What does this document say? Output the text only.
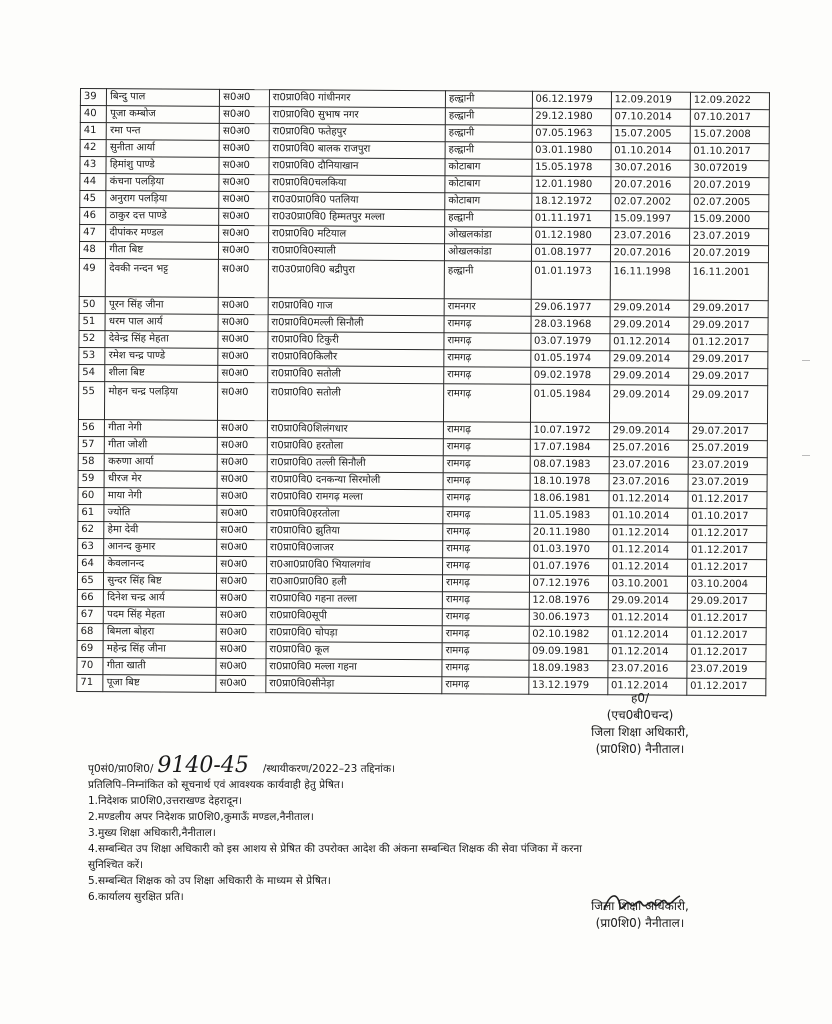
39	बिन्दु पाल	स0अ0	रा0प्रा0वि0 गांधीनगर	हल्द्वानी	06.12.1979	12.09.2019	12.09.2022
40	पूजा कम्बोज	स0अ0	रा0प्रा0वि0 सुभाष नगर	हल्द्वानी	29.12.1980	07.10.2014	07.10.2017
41	रमा पन्त	स0अ0	रा0प्रा0वि0 फतेहपुर	हल्द्वानी	07.05.1963	15.07.2005	15.07.2008
42	सुनीता आर्या	स0अ0	रा0प्रा0वि0 बालक राजपुरा	हल्द्वानी	03.01.1980	01.10.2014	01.10.2017
43	हिमांशु पाण्डे	स0अ0	रा0प्रा0वि0 दौनियाखान	कोटाबाग	15.05.1978	30.07.2016	30.072019
44	कंचना पलड़िया	स0अ0	रा0प्रा0वि0चलकिया	कोटाबाग	12.01.1980	20.07.2016	20.07.2019
45	अनुराग पलड़िया	स0अ0	रा0उ0प्रा0वि0 पतलिया	कोटाबाग	18.12.1972	02.07.2002	02.07.2005
46	ठाकुर दत्त पाण्डे	स0अ0	रा0उ0प्रा0वि0 हिम्मतपुर मल्ला	हल्द्वानी	01.11.1971	15.09.1997	15.09.2000
47	दीपांकर मण्डल	स0अ0	रा0प्रा0वि0 मटियाल	ओखलकांडा	01.12.1980	23.07.2016	23.07.2019
48	गीता बिष्ट	स0अ0	रा0प्रा0वि0स्याली	ओखलकांडा	01.08.1977	20.07.2016	20.07.2019
49	देवकी नन्दन भट्ट	स0अ0	रा0उ0प्रा0वि0 बद्रीपुरा	हल्द्वानी	01.01.1973	16.11.1998	16.11.2001
50	पूरन सिंह जीना	स0अ0	रा0प्रा0वि0 गाज	रामनगर	29.06.1977	29.09.2014	29.09.2017
51	धरम पाल आर्य	स0अ0	रा0प्रा0वि0मल्ली सिनौली	रामगढ़	28.03.1968	29.09.2014	29.09.2017
52	देवेन्द्र सिंह मेहता	स0अ0	रा0प्रा0वि0 टिकुरी	रामगढ़	03.07.1979	01.12.2014	01.12.2017
53	रमेश चन्द्र पाण्डे	स0अ0	रा0प्रा0वि0किलौर	रामगढ़	01.05.1974	29.09.2014	29.09.2017
54	शीला बिष्ट	स0अ0	रा0प्रा0वि0 सतोली	रामगढ़	09.02.1978	29.09.2014	29.09.2017
55	मोहन चन्द्र पलड़िया	स0अ0	रा0प्रा0वि0 सतोली	रामगढ़	01.05.1984	29.09.2014	29.09.2017
56	गीता नेगी	स0अ0	रा0प्रा0वि0शिलंगधार	रामगढ़	10.07.1972	29.09.2014	29.07.2017
57	गीता जोशी	स0अ0	रा0प्रा0वि0 हरतोला	रामगढ़	17.07.1984	25.07.2016	25.07.2019
58	करुणा आर्या	स0अ0	रा0प्रा0वि0 तल्ली सिनौली	रामगढ़	08.07.1983	23.07.2016	23.07.2019
59	धीरज मेर	स0अ0	रा0प्रा0वि0 दनकन्या सिरमोली	रामगढ़	18.10.1978	23.07.2016	23.07.2019
60	माया नेगी	स0अ0	रा0प्रा0वि0 रामगढ़ मल्ला	रामगढ़	18.06.1981	01.12.2014	01.12.2017
61	ज्योति	स0अ0	रा0प्रा0वि0हरतोला	रामगढ़	11.05.1983	01.10.2014	01.10.2017
62	हेमा देवी	स0अ0	रा0प्रा0वि0 झुतिया	रामगढ़	20.11.1980	01.12.2014	01.12.2017
63	आनन्द कुमार	स0अ0	रा0प्रा0वि0जाजर	रामगढ़	01.03.1970	01.12.2014	01.12.2017
64	केवलानन्द	स0अ0	रा0आ0प्रा0वि0 भियालगांव	रामगढ़	01.07.1976	01.12.2014	01.12.2017
65	सुन्दर सिंह बिष्ट	स0अ0	रा0आ0प्रा0वि0 हली	रामगढ़	07.12.1976	03.10.2001	03.10.2004
66	दिनेश चन्द्र आर्य	स0अ0	रा0प्रा0वि0 गहना तल्ला	रामगढ़	12.08.1976	29.09.2014	29.09.2017
67	पदम सिंह मेहता	स0अ0	रा0प्रा0वि0सूपी	रामगढ़	30.06.1973	01.12.2014	01.12.2017
68	बिमला बोहरा	स0अ0	रा0प्रा0वि0 चोपड़ा	रामगढ़	02.10.1982	01.12.2014	01.12.2017
69	महेन्द्र सिंह जीना	स0अ0	रा0प्रा0वि0 कूल	रामगढ़	09.09.1981	01.12.2014	01.12.2017
70	गीता खाती	स0अ0	रा0प्रा0वि0 मल्ला गहना	रामगढ़	18.09.1983	23.07.2016	23.07.2019
71	पूजा बिष्ट	स0अ0	रा0प्रा0वि0सीनेड़ा	रामगढ़	13.12.1979	01.12.2014	01.12.2017
ह0/
(एच0बी0चन्द)
जिला शिक्षा अधिकारी,
(प्रा0शि0) नैनीताल।
पृ0सं0/प्रा0शि0/ 9140-45 /स्थायीकरण/2022–23 तद्दिनांक।
प्रतिलिपि–निम्नांकित को सूचनार्थ एवं आवश्यक कार्यवाही हेतु प्रेषित।
1.निदेशक प्रा0शि0,उत्तराखण्ड देहरादून।
2.मण्डलीय अपर निदेशक प्रा0शि0,कुमाऊँ मण्डल,नैनीताल।
3.मुख्य शिक्षा अधिकारी,नैनीताल।
4.सम्बन्धित उप शिक्षा अधिकारी को इस आशय से प्रेषित की उपरोक्त आदेश की अंकना सम्बन्धित शिक्षक की सेवा पंजिका में करना
सुनिश्चित करें।
5.सम्बन्धित शिक्षक को उप शिक्षा अधिकारी के माध्यम से प्रेषित।
6.कार्यालय सुरक्षित प्रति।
जिला शिक्षा अधिकारी,
(प्रा0शि0) नैनीताल।
